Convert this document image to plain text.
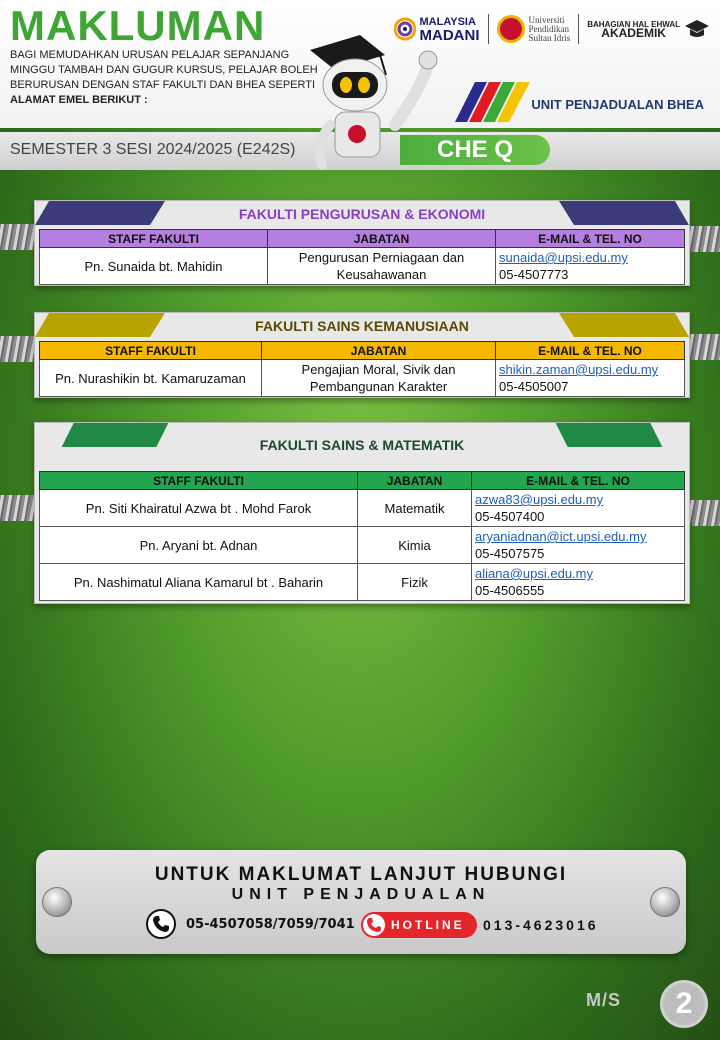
MAKLUMAN
BAGI MEMUDAHKAN URUSAN PELAJAR SEPANJANG MINGGU TAMBAH DAN GUGUR KURSUS, PELAJAR BOLEH BERURUSAN DENGAN STAF FAKULTI DAN BHEA SEPERTI ALAMAT EMEL BERIKUT :
MALAYSIA
MADANI
Universiti
Pendidikan
Sultan Idris
BAHAGIAN HAL EHWAL
AKADEMIK
UNIT PENJADUALAN BHEA
SEMESTER 3 SESI 2024/2025 (E242S)	CHE Q
FAKULTI PENGURUSAN & EKONOMI
STAFF FAKULTI	JABATAN	E-MAIL & TEL. NO
Pn. Sunaida bt. Mahidin	Pengurusan Perniagaan dan Keusahawanan	sunaida@upsi.edu.my
05-4507773
FAKULTI SAINS KEMANUSIAAN
STAFF FAKULTI	JABATAN	E-MAIL & TEL. NO
Pn. Nurashikin bt. Kamaruzaman	Pengajian Moral, Sivik dan Pembangunan Karakter	shikin.zaman@upsi.edu.my
05-4505007
FAKULTI SAINS & MATEMATIK
STAFF FAKULTI	JABATAN	E-MAIL & TEL. NO
Pn. Siti Khairatul Azwa bt . Mohd Farok	Matematik	azwa83@upsi.edu.my
05-4507400
Pn. Aryani bt. Adnan	Kimia	aryaniadnan@ict.upsi.edu.my
05-4507575
Pn. Nashimatul Aliana Kamarul bt . Baharin	Fizik	aliana@upsi.edu.my
05-4506555
UNTUK MAKLUMAT LANJUT HUBUNGI
UNIT PENJADUALAN
05-4507058/7059/7041	HOTLINE 013-4623016
M/S	2
